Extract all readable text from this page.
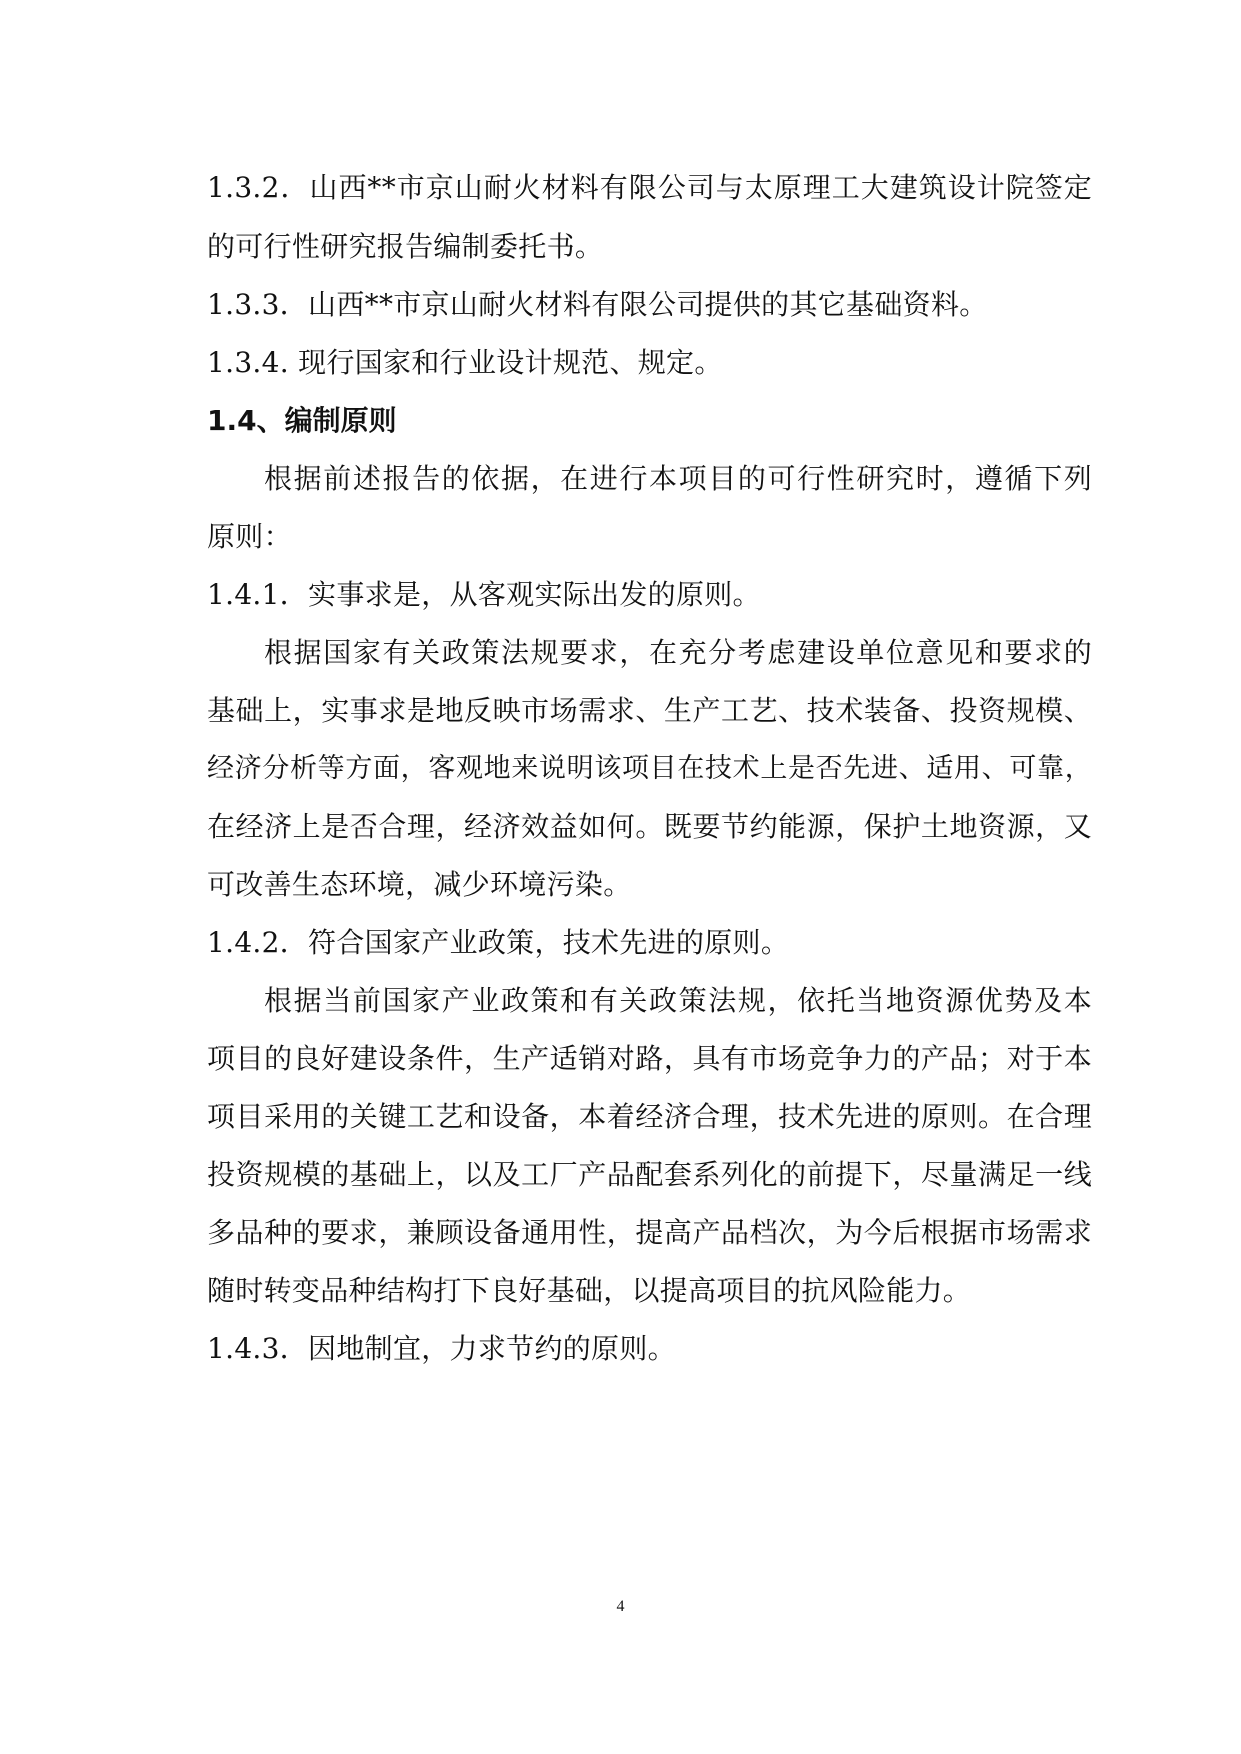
1.3.2．山西**市京山耐火材料有限公司与太原理工大建筑设计院签定
的可行性研究报告编制委托书。
1.3.3．山西**市京山耐火材料有限公司提供的其它基础资料。
1.3.4. 现行国家和行业设计规范、规定。
1.4、编制原则
根据前述报告的依据，在进行本项目的可行性研究时，遵循下列
原则：
1.4.1．实事求是，从客观实际出发的原则。
根据国家有关政策法规要求，在充分考虑建设单位意见和要求的
基础上，实事求是地反映市场需求、生产工艺、技术装备、投资规模、
经济分析等方面，客观地来说明该项目在技术上是否先进、适用、可靠，
在经济上是否合理，经济效益如何。既要节约能源，保护土地资源，又
可改善生态环境，减少环境污染。
1.4.2．符合国家产业政策，技术先进的原则。
根据当前国家产业政策和有关政策法规，依托当地资源优势及本
项目的良好建设条件，生产适销对路，具有市场竞争力的产品；对于本
项目采用的关键工艺和设备，本着经济合理，技术先进的原则。在合理
投资规模的基础上，以及工厂产品配套系列化的前提下，尽量满足一线
多品种的要求，兼顾设备通用性，提高产品档次，为今后根据市场需求
随时转变品种结构打下良好基础，以提高项目的抗风险能力。
1.4.3．因地制宜，力求节约的原则。
4
